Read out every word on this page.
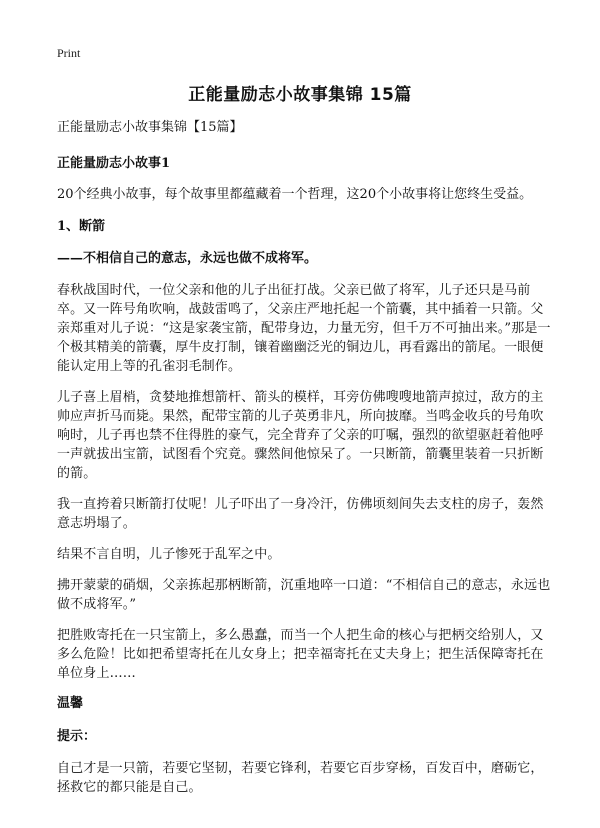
Print
正能量励志小故事集锦 15篇

正能量励志小故事集锦【15篇】

正能量励志小故事1

20个经典小故事，每个故事里都蕴藏着一个哲理，这20个小故事将让您终生受益。

1、断箭

——不相信自己的意志，永远也做不成将军。

春秋战国时代，一位父亲和他的儿子出征打战。父亲已做了将军，儿子还只是马前卒。又一阵号角吹响，战鼓雷鸣了，父亲庄严地托起一个箭囊，其中插着一只箭。父亲郑重对儿子说：“这是家袭宝箭，配带身边，力量无穷，但千万不可抽出来。”那是一个极其精美的箭囊，厚牛皮打制，镶着幽幽泛光的铜边儿，再看露出的箭尾。一眼便能认定用上等的孔雀羽毛制作。

儿子喜上眉梢，贪婪地推想箭杆、箭头的模样，耳旁仿佛嗖嗖地箭声掠过，敌方的主帅应声折马而毙。果然，配带宝箭的儿子英勇非凡，所向披靡。当鸣金收兵的号角吹响时，儿子再也禁不住得胜的豪气，完全背弃了父亲的叮嘱，强烈的欲望驱赶着他呼一声就拔出宝箭，试图看个究竟。骤然间他惊呆了。一只断箭，箭囊里装着一只折断的箭。

我一直挎着只断箭打仗呢！儿子吓出了一身冷汗，仿佛顷刻间失去支柱的房子，轰然意志坍塌了。

结果不言自明，儿子惨死于乱军之中。

拂开蒙蒙的硝烟，父亲拣起那柄断箭，沉重地啐一口道：“不相信自己的意志，永远也做不成将军。”

把胜败寄托在一只宝箭上，多么愚蠢，而当一个人把生命的核心与把柄交给别人，又多么危险！比如把希望寄托在儿女身上；把幸福寄托在丈夫身上；把生活保障寄托在单位身上……

温馨

提示：

自己才是一只箭，若要它坚韧，若要它锋利，若要它百步穿杨，百发百中，磨砺它，拯救它的都只能是自己。
